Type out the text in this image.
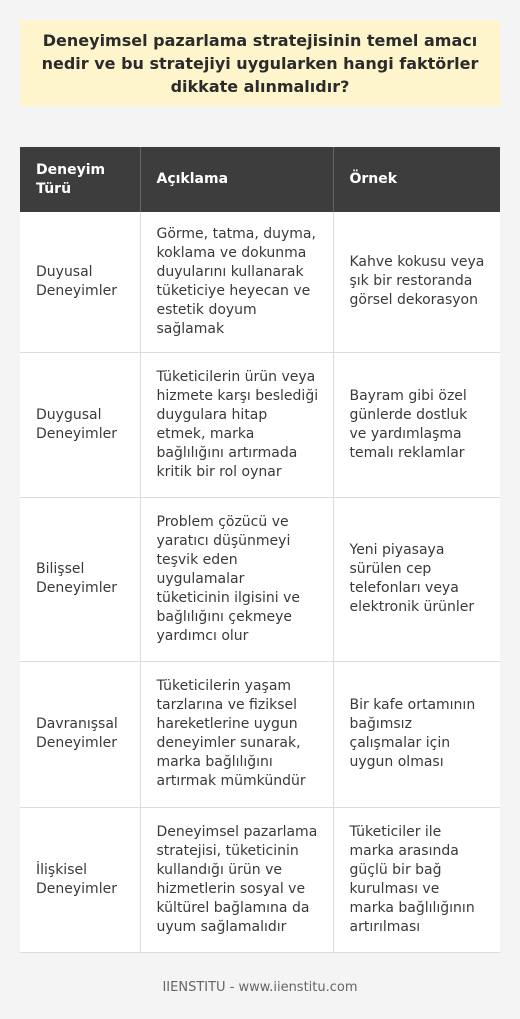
Deneyimsel pazarlama stratejisinin temel amacı nedir ve bu stratejiyi uygularken hangi faktörler dikkate alınmalıdır?
Deneyim Türü	Açıklama	Örnek
Duyusal Deneyimler	Görme, tatma, duyma, koklama ve dokunma duyularını kullanarak tüketiciye heyecan ve estetik doyum sağlamak	Kahve kokusu veya şık bir restoranda görsel dekorasyon
Duygusal Deneyimler	Tüketicilerin ürün veya hizmete karşı beslediği duygulara hitap etmek, marka bağlılığını artırmada kritik bir rol oynar	Bayram gibi özel günlerde dostluk ve yardımlaşma temalı reklamlar
Bilişsel Deneyimler	Problem çözücü ve yaratıcı düşünmeyi teşvik eden uygulamalar tüketicinin ilgisini ve bağlılığını çekmeye yardımcı olur	Yeni piyasaya sürülen cep telefonları veya elektronik ürünler
Davranışsal Deneyimler	Tüketicilerin yaşam tarzlarına ve fiziksel hareketlerine uygun deneyimler sunarak, marka bağlılığını artırmak mümkündür	Bir kafe ortamının bağımsız çalışmalar için uygun olması
İlişkisel Deneyimler	Deneyimsel pazarlama stratejisi, tüketicinin kullandığı ürün ve hizmetlerin sosyal ve kültürel bağlamına da uyum sağlamalıdır	Tüketiciler ile marka arasında güçlü bir bağ kurulması ve marka bağlılığının artırılması
IIENSTITU - www.iienstitu.com
